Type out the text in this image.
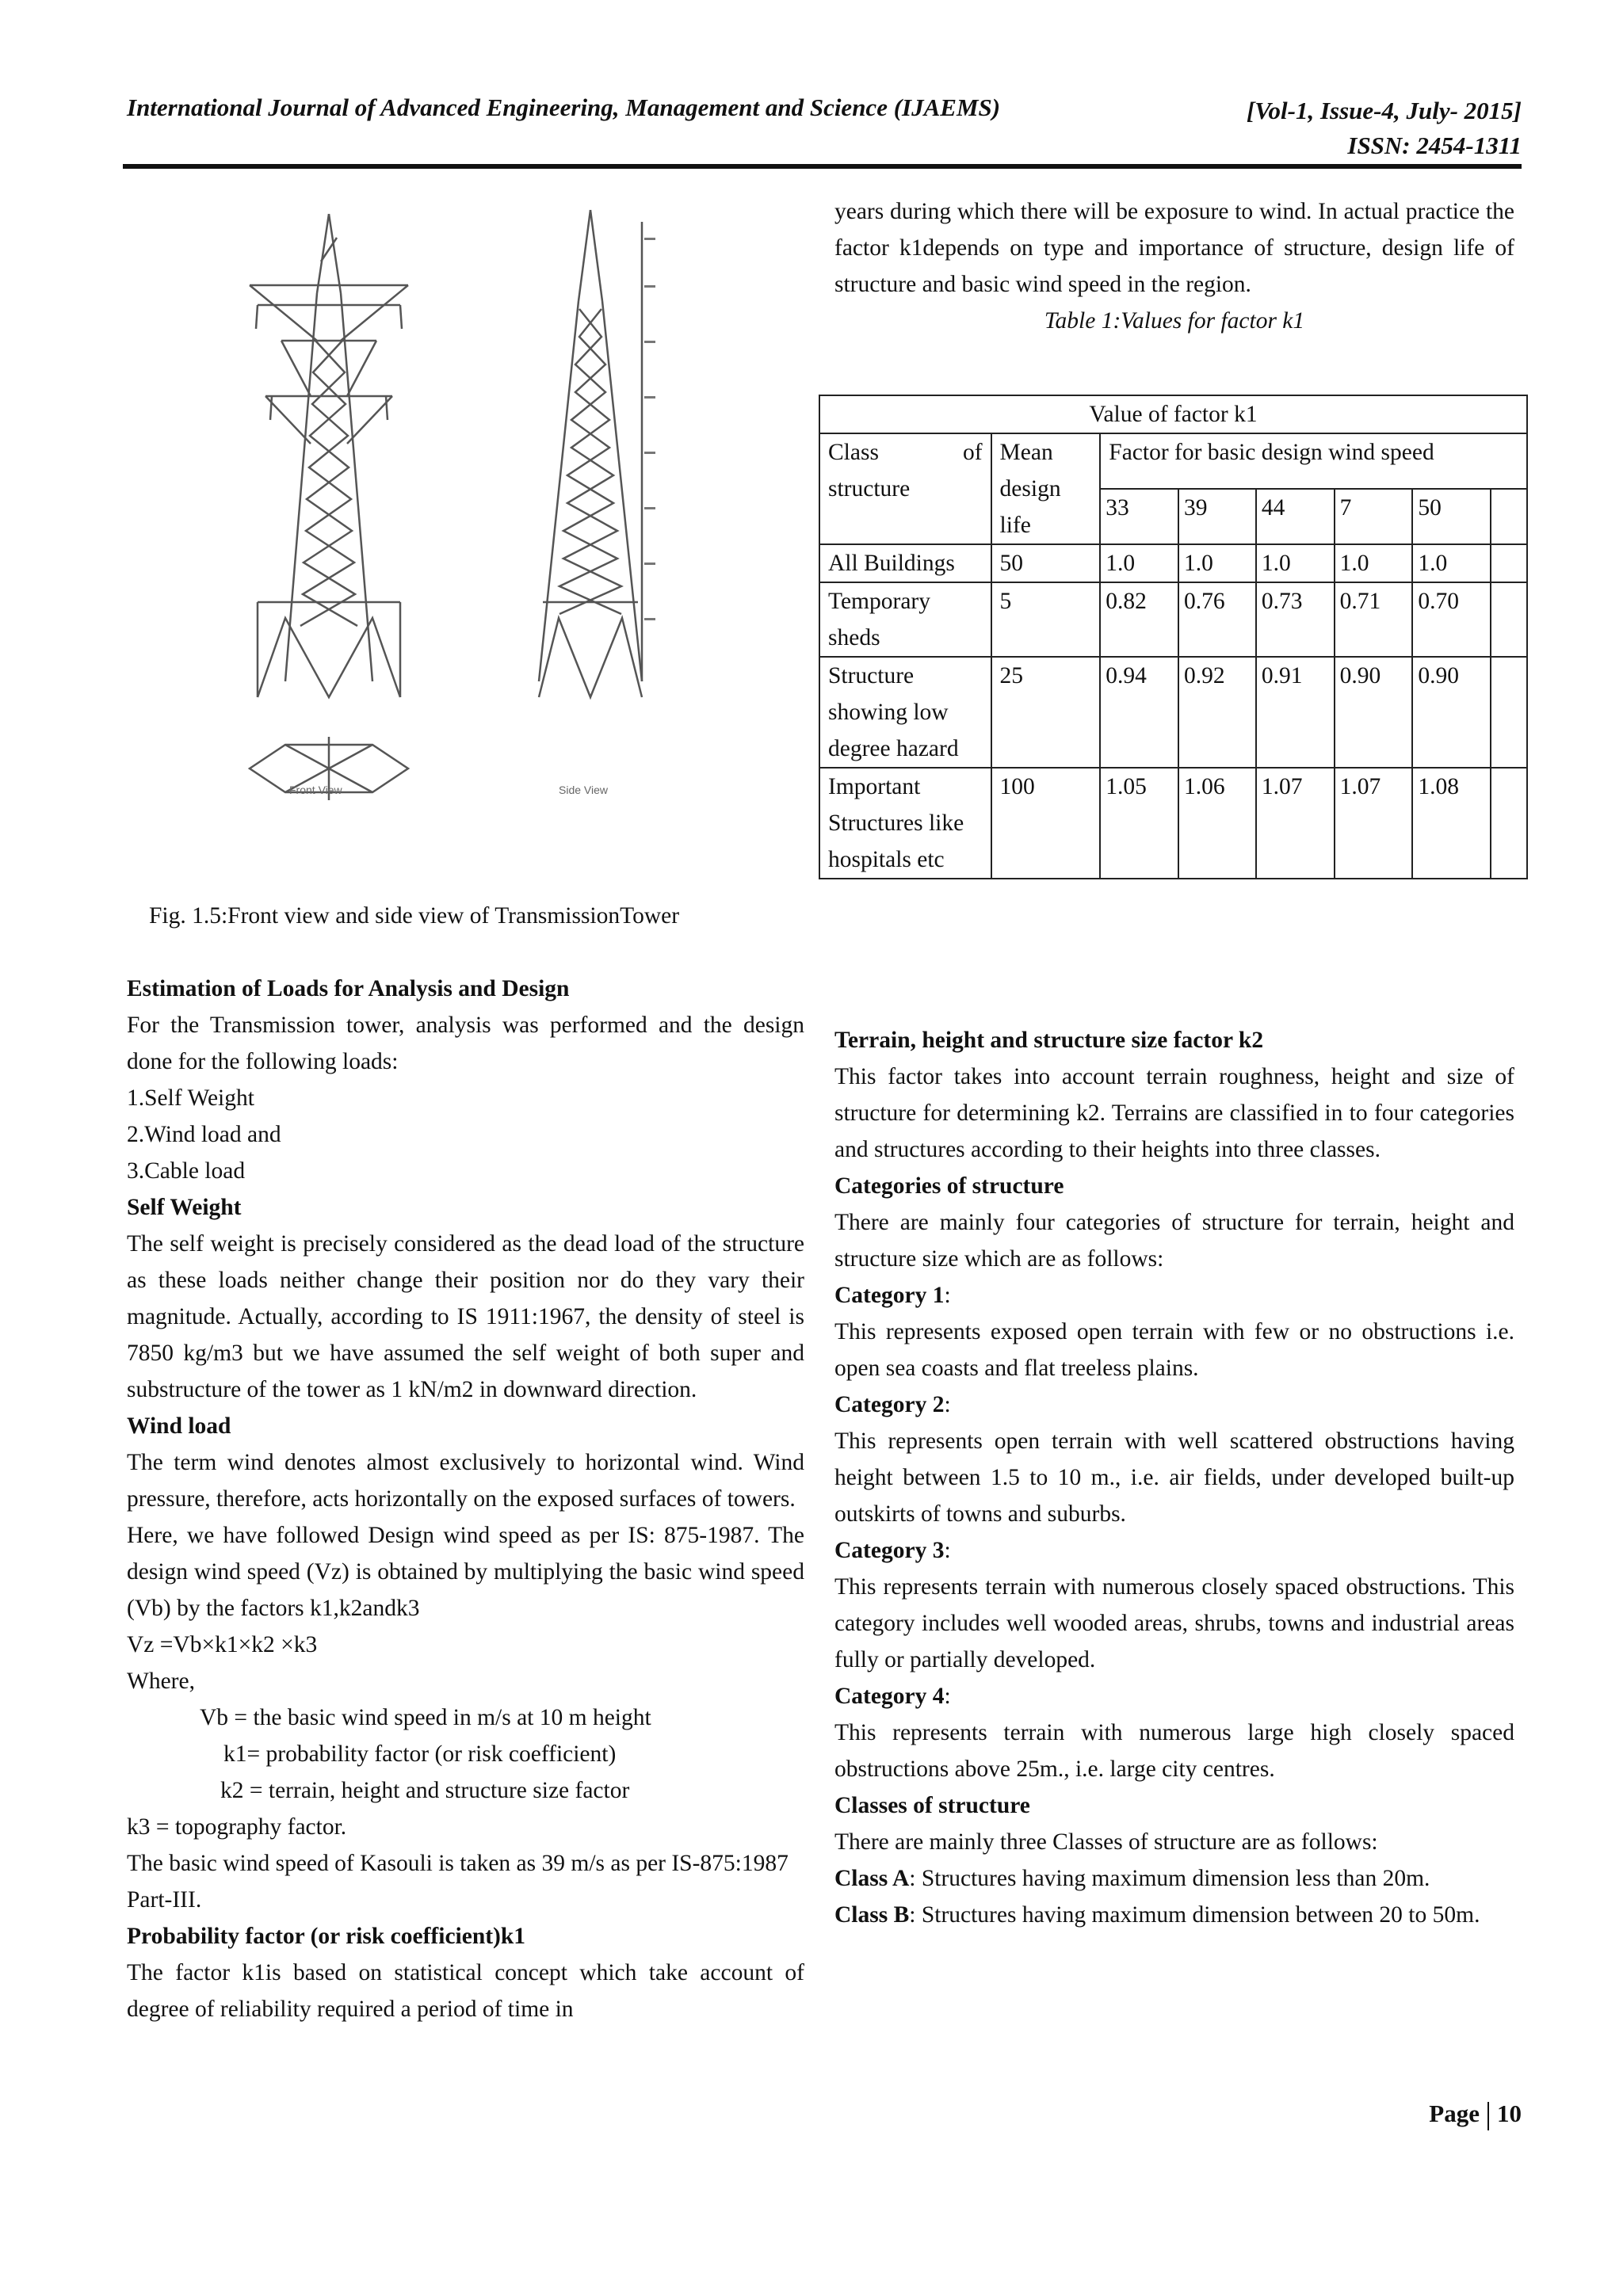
International Journal of Advanced Engineering, Management and Science (IJAEMS)	[Vol-1, Issue-4, July- 2015]
ISSN: 2454-1311
Front View	Side View
Fig. 1.5:Front view and side view of TransmissionTower

Estimation of Loads for Analysis and Design

For the Transmission tower, analysis was performed and the design done for the following loads:

1.Self Weight

2.Wind load and

3.Cable load

Self Weight

The self weight is precisely considered as the dead load of the structure as these loads neither change their position nor do they vary their magnitude. Actually, according to IS 1911:1967, the density of steel is 7850 kg/m3 but we have assumed the self weight of both super and substructure of the tower as 1 kN/m2 in downward direction.

Wind load

The term wind denotes almost exclusively to horizontal wind. Wind pressure, therefore, acts horizontally on the exposed surfaces of towers.

Here, we have followed Design wind speed as per IS: 875-1987. The design wind speed (Vz) is obtained by multiplying the basic wind speed (Vb) by the factors k1,k2andk3

Vz =Vb×k1×k2 ×k3

Where,

Vb = the basic wind speed in m/s at 10 m height

k1= probability factor (or risk coefficient)

k2 = terrain, height and structure size factor

k3 = topography factor.

The basic wind speed of Kasouli is taken as 39 m/s as per IS-875:1987 Part-III.

Probability factor (or risk coefficient)k1

The factor k1is based on statistical concept which take account of degree of reliability required a period of time in

years during which there will be exposure to wind. In actual practice the factor k1depends on type and importance of structure, design life of structure and basic wind speed in the region.

Table 1:Values for factor k1

Value of factor k1							

Class of
structure	Mean design life	Factor for basic design wind speed					
		33	39	44	7	50	
All Buildings	50	1.0	1.0	1.0	1.0	1.0	
Temporary sheds	5	0.82	0.76	0.73	0.71	0.70	
Structure showing low degree hazard	25	0.94	0.92	0.91	0.90	0.90	
Important Structures like hospitals etc	100	1.05	1.06	1.07	1.07	1.08	

Terrain, height and structure size factor k2

This factor takes into account terrain roughness, height and size of structure for determining k2. Terrains are classified in to four categories and structures according to their heights into three classes.

Categories of structure

There are mainly four categories of structure for terrain, height and structure size which are as follows:

Category 1:

This represents exposed open terrain with few or no obstructions i.e. open sea coasts and flat treeless plains.

Category 2:

This represents open terrain with well scattered obstructions having height between 1.5 to 10 m., i.e. air fields, under developed built-up outskirts of towns and suburbs.

Category 3:

This represents terrain with numerous closely spaced obstructions. This category includes well wooded areas, shrubs, towns and industrial areas fully or partially developed.

Category 4:

This represents terrain with numerous large high closely spaced obstructions above 25m., i.e. large city centres.

Classes of structure

There are mainly three Classes of structure are as follows:

Class A: Structures having maximum dimension less than 20m.

Class B: Structures having maximum dimension between 20 to 50m.

Page 10
